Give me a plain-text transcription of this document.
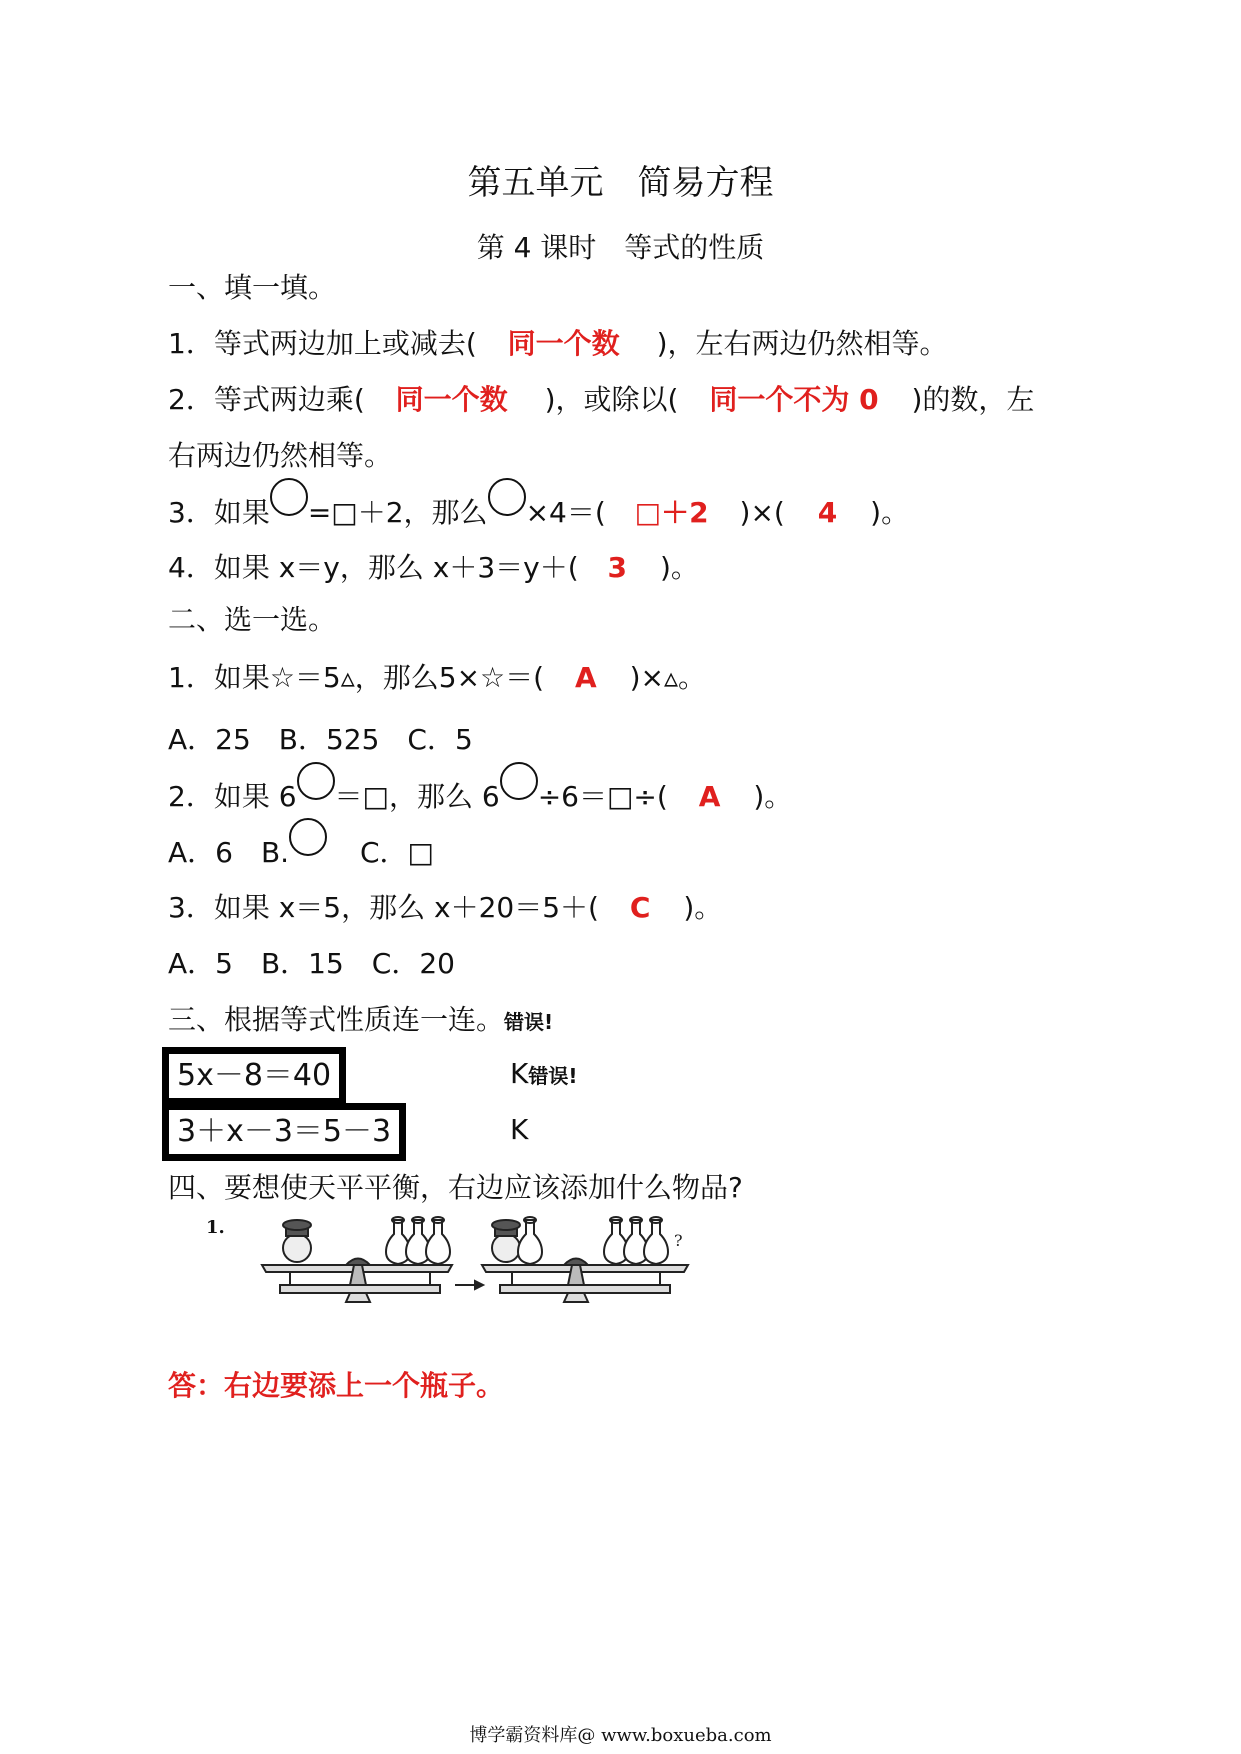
第五单元　简易方程
第 4 课时　等式的性质
一、填一填。
1．等式两边加上或减去( 同一个数 )，左右两边仍然相等。
2．等式两边乘( 同一个数 )，或除以( 同一个不为 0 )的数，左
右两边仍然相等。
3．如果 =□＋2，那么 ×4＝( □＋2 )×( 4 )。
4．如果 x＝y，那么 x＋3＝y＋( 3 )。
二、选一选。
1．如果☆＝5▵，那么5×☆＝( A )×▵。
A．25　B．525　C．5
2．如果 6 ＝□，那么 6 ÷6＝□÷( A )。
A．6　B.	C．□
3．如果 x＝5，那么 x＋20＝5＋( C )。
A．5　B．15　C．20
三、根据等式性质连一连。错误!
5x－8＝40	K错误!
3＋x－3＝5－3	K
四、要想使天平平衡，右边应该添加什么物品?
1.
?
答：右边要添上一个瓶子。
博学霸资料库@ www.boxueba.com
